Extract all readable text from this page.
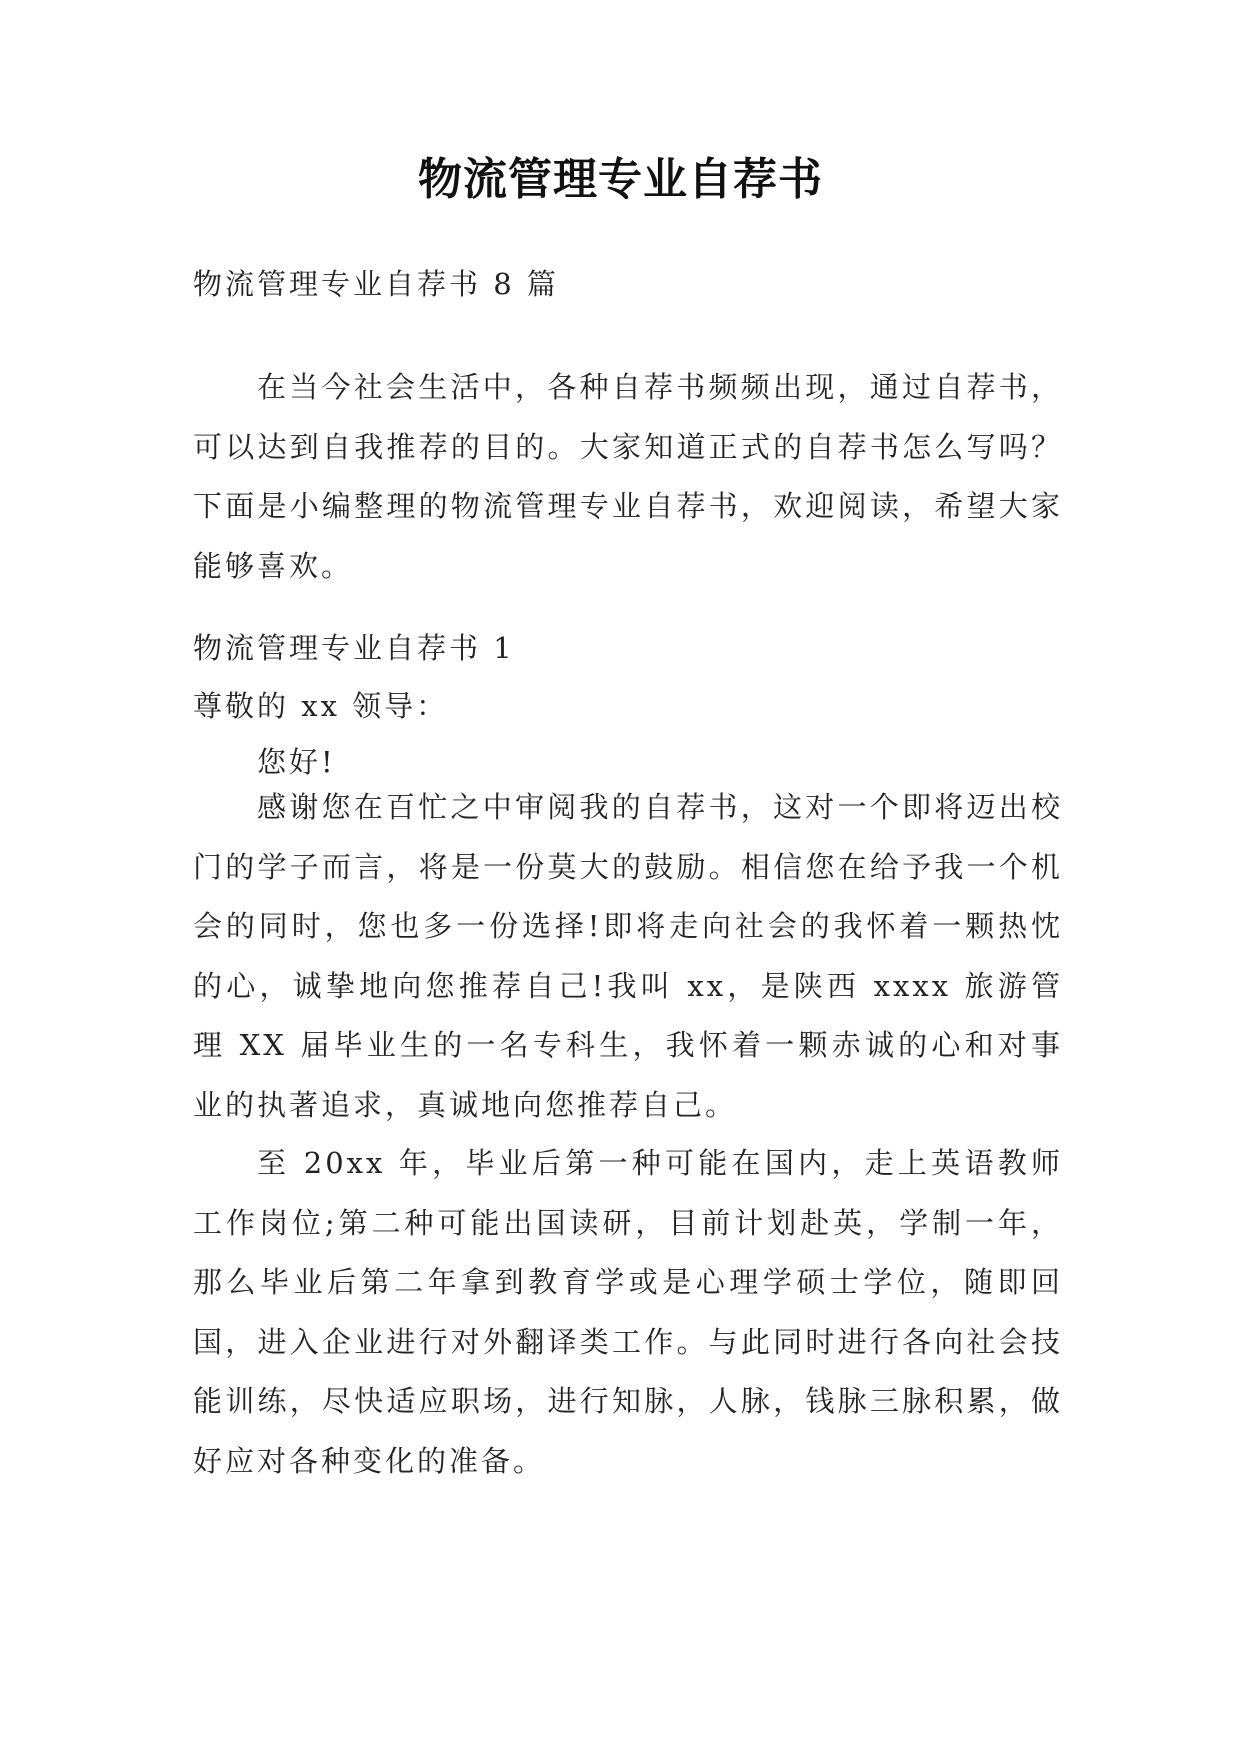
物流管理专业自荐书
物流管理专业自荐书 8 篇
在当今社会生活中，各种自荐书频频出现，通过自荐书，可以达到自我推荐的目的。大家知道正式的自荐书怎么写吗？下面是小编整理的物流管理专业自荐书，欢迎阅读，希望大家能够喜欢。
物流管理专业自荐书 1
尊敬的 xx 领导：
您好!
感谢您在百忙之中审阅我的自荐书，这对一个即将迈出校门的学子而言，将是一份莫大的鼓励。相信您在给予我一个机会的同时，您也多一份选择!即将走向社会的我怀着一颗热忱的心，诚挚地向您推荐自己!我叫 xx，是陕西 xxxx 旅游管理 XX 届毕业生的一名专科生，我怀着一颗赤诚的心和对事业的执著追求，真诚地向您推荐自己。
至 20xx 年，毕业后第一种可能在国内，走上英语教师工作岗位;第二种可能出国读研，目前计划赴英，学制一年，那么毕业后第二年拿到教育学或是心理学硕士学位，随即回国，进入企业进行对外翻译类工作。与此同时进行各向社会技能训练，尽快适应职场，进行知脉，人脉，钱脉三脉积累，做好应对各种变化的准备。
